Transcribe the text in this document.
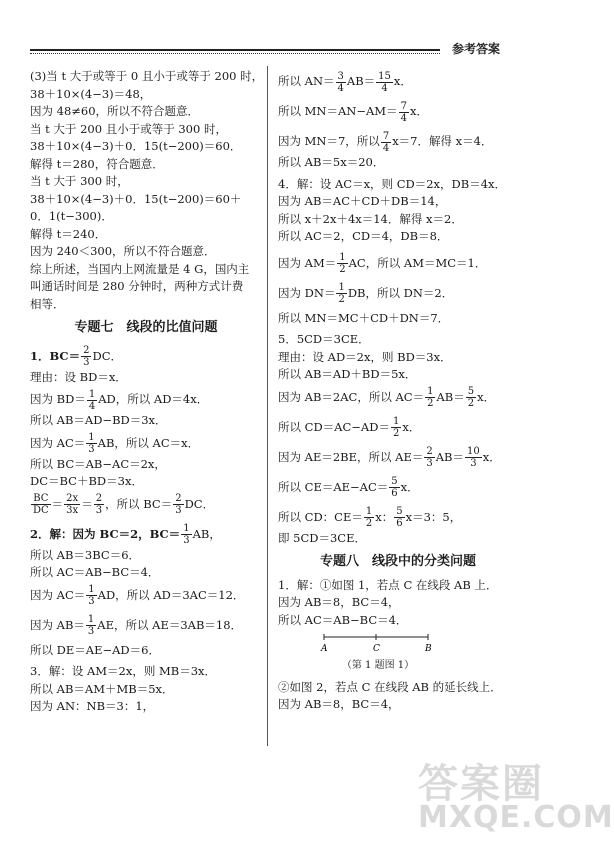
参考答案
(3)当 t 大于或等于 0 且小于或等于 200 时，
38＋10×(4−3)＝48，
因为 48≠60，所以不符合题意．
当 t 大于 200 且小于或等于 300 时，
38＋10×(4−3)＋0．15(t−200)＝60．
解得 t＝280，符合题意．
当 t 大于 300 时，
38＋10×(4−3)＋0．15(t−200)＝60＋
0．1(t−300)．
解得 t＝240．
因为 240＜300，所以不符合题意．
综上所述，当国内上网流量是 4 G，国内主
叫通话时间是 280 分钟时，两种方式计费
相等．
专题七　线段的比值问题
1．$BC= \frac{2}{3}$ DC．
理由：设 BD＝x．
因为 $BD= \frac{1}{4}$ AD，所以 AD＝4x．
所以 AB＝AD−BD＝3x．
因为 $AC= \frac{1}{3}$ AB，所以 AC＝x．
所以 BC＝AB−AC＝2x，
DC＝BC＋BD＝3x．
$\frac{BC}{DC} = \frac{2x}{3x} = \frac{2}{3}$ ，所以 $BC= \frac{2}{3}$ DC．
2．解：因为 BC＝2，$BC= \frac{1}{3}$ AB，
所以 AB＝3BC＝6．
所以 AC＝AB−BC＝4．
因为 $AC= \frac{1}{3}$ AD，所以 AD＝3AC＝12．
因为 $AB= \frac{1}{3}$ AE，所以 AE＝3AB＝18．
所以 DE＝AE−AD＝6．
3．解：设 AM＝2x，则 MB＝3x．
所以 AB＝AM＋MB＝5x．
因为 AN：NB＝3：1，
所以 $AN= \frac{3}{4} AB= \frac{15}{4}$ x．
所以 $MN=AN-AM= \frac{7}{4}$ x．
因为 MN＝7，所以 $\frac{7}{4} x=7$．解得 x＝4．
所以 AB＝5x＝20．
4．解：设 AC＝x，则 CD＝2x，DB＝4x．
因为 AB＝AC＋CD＋DB＝14，
所以 x＋2x＋4x＝14．解得 x＝2．
所以 AC＝2，CD＝4，DB＝8．
因为 $AM= \frac{1}{2}$ AC，所以 AM＝MC＝1．
因为 $DN= \frac{1}{2}$ DB，所以 DN＝2．
所以 MN＝MC＋CD＋DN＝7．
5．5CD＝3CE．
理由：设 AD＝2x，则 BD＝3x．
所以 AB＝AD＋BD＝5x．
因为 AB＝2AC，所以 $AC= \frac{1}{2} AB= \frac{5}{2}$ x．
所以 $CD=AC-AD= \frac{1}{2}$ x．
因为 AE＝2BE，所以 $AE= \frac{2}{3} AB= \frac{10}{3}$ x．
所以 $CE=AE-AC= \frac{5}{6}$ x．
所以 CD：$CE= \frac{1}{2}$ x： $\frac{5}{6} x=3$：5，
即 5CD＝3CE．
专题八　线段中的分类问题
1．解：①如图 1，若点 C 在线段 AB 上．
因为 AB＝8，BC＝4，
所以 AC＝AB−BC＝4．
A	C	B
（第 1 题图 1）
②如图 2，若点 C 在线段 AB 的延长线上．
因为 AB＝8，BC＝4，
答案圈
MXQE.COM
